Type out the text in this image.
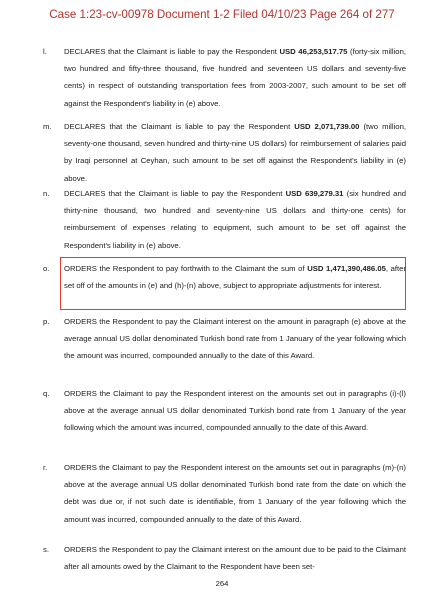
Case 1:23-cv-00978 Document 1-2 Filed 04/10/23 Page 264 of 277
l. DECLARES that the Claimant is liable to pay the Respondent USD 46,253,517.75 (forty-six million, two hundred and fifty-three thousand, five hundred and seventeen US dollars and seventy-five cents) in respect of outstanding transportation fees from 2003-2007, such amount to be set off against the Respondent's liability in (e) above.
m. DECLARES that the Claimant is liable to pay the Respondent USD 2,071,739.00 (two million, seventy-one thousand, seven hundred and thirty-nine US dollars) for reimbursement of salaries paid by Iraqi personnel at Ceyhan, such amount to be set off against the Respondent's liability in (e) above.
n. DECLARES that the Claimant is liable to pay the Respondent USD 639,279.31 (six hundred and thirty-nine thousand, two hundred and seventy-nine US dollars and thirty-one cents) for reimbursement of expenses relating to equipment, such amount to be set off against the Respondent's liability in (e) above.
o. ORDERS the Respondent to pay forthwith to the Claimant the sum of USD 1,471,390,486.05, after set off of the amounts in (e) and (h)-(n) above, subject to appropriate adjustments for interest.
p. ORDERS the Respondent to pay the Claimant interest on the amount in paragraph (e) above at the average annual US dollar denominated Turkish bond rate from 1 January of the year following which the amount was incurred, compounded annually to the date of this Award.
q. ORDERS the Claimant to pay the Respondent interest on the amounts set out in paragraphs (i)-(l) above at the average annual US dollar denominated Turkish bond rate from 1 January of the year following which the amount was incurred, compounded annually to the date of this Award.
r. ORDERS the Claimant to pay the Respondent interest on the amounts set out in paragraphs (m)-(n) above at the average annual US dollar denominated Turkish bond rate from the date on which the debt was due or, if not such date is identifiable, from 1 January of the year following which the amount was incurred, compounded annually to the date of this Award.
s. ORDERS the Respondent to pay the Claimant interest on the amount due to be paid to the Claimant after all amounts owed by the Claimant to the Respondent have been set-
264
